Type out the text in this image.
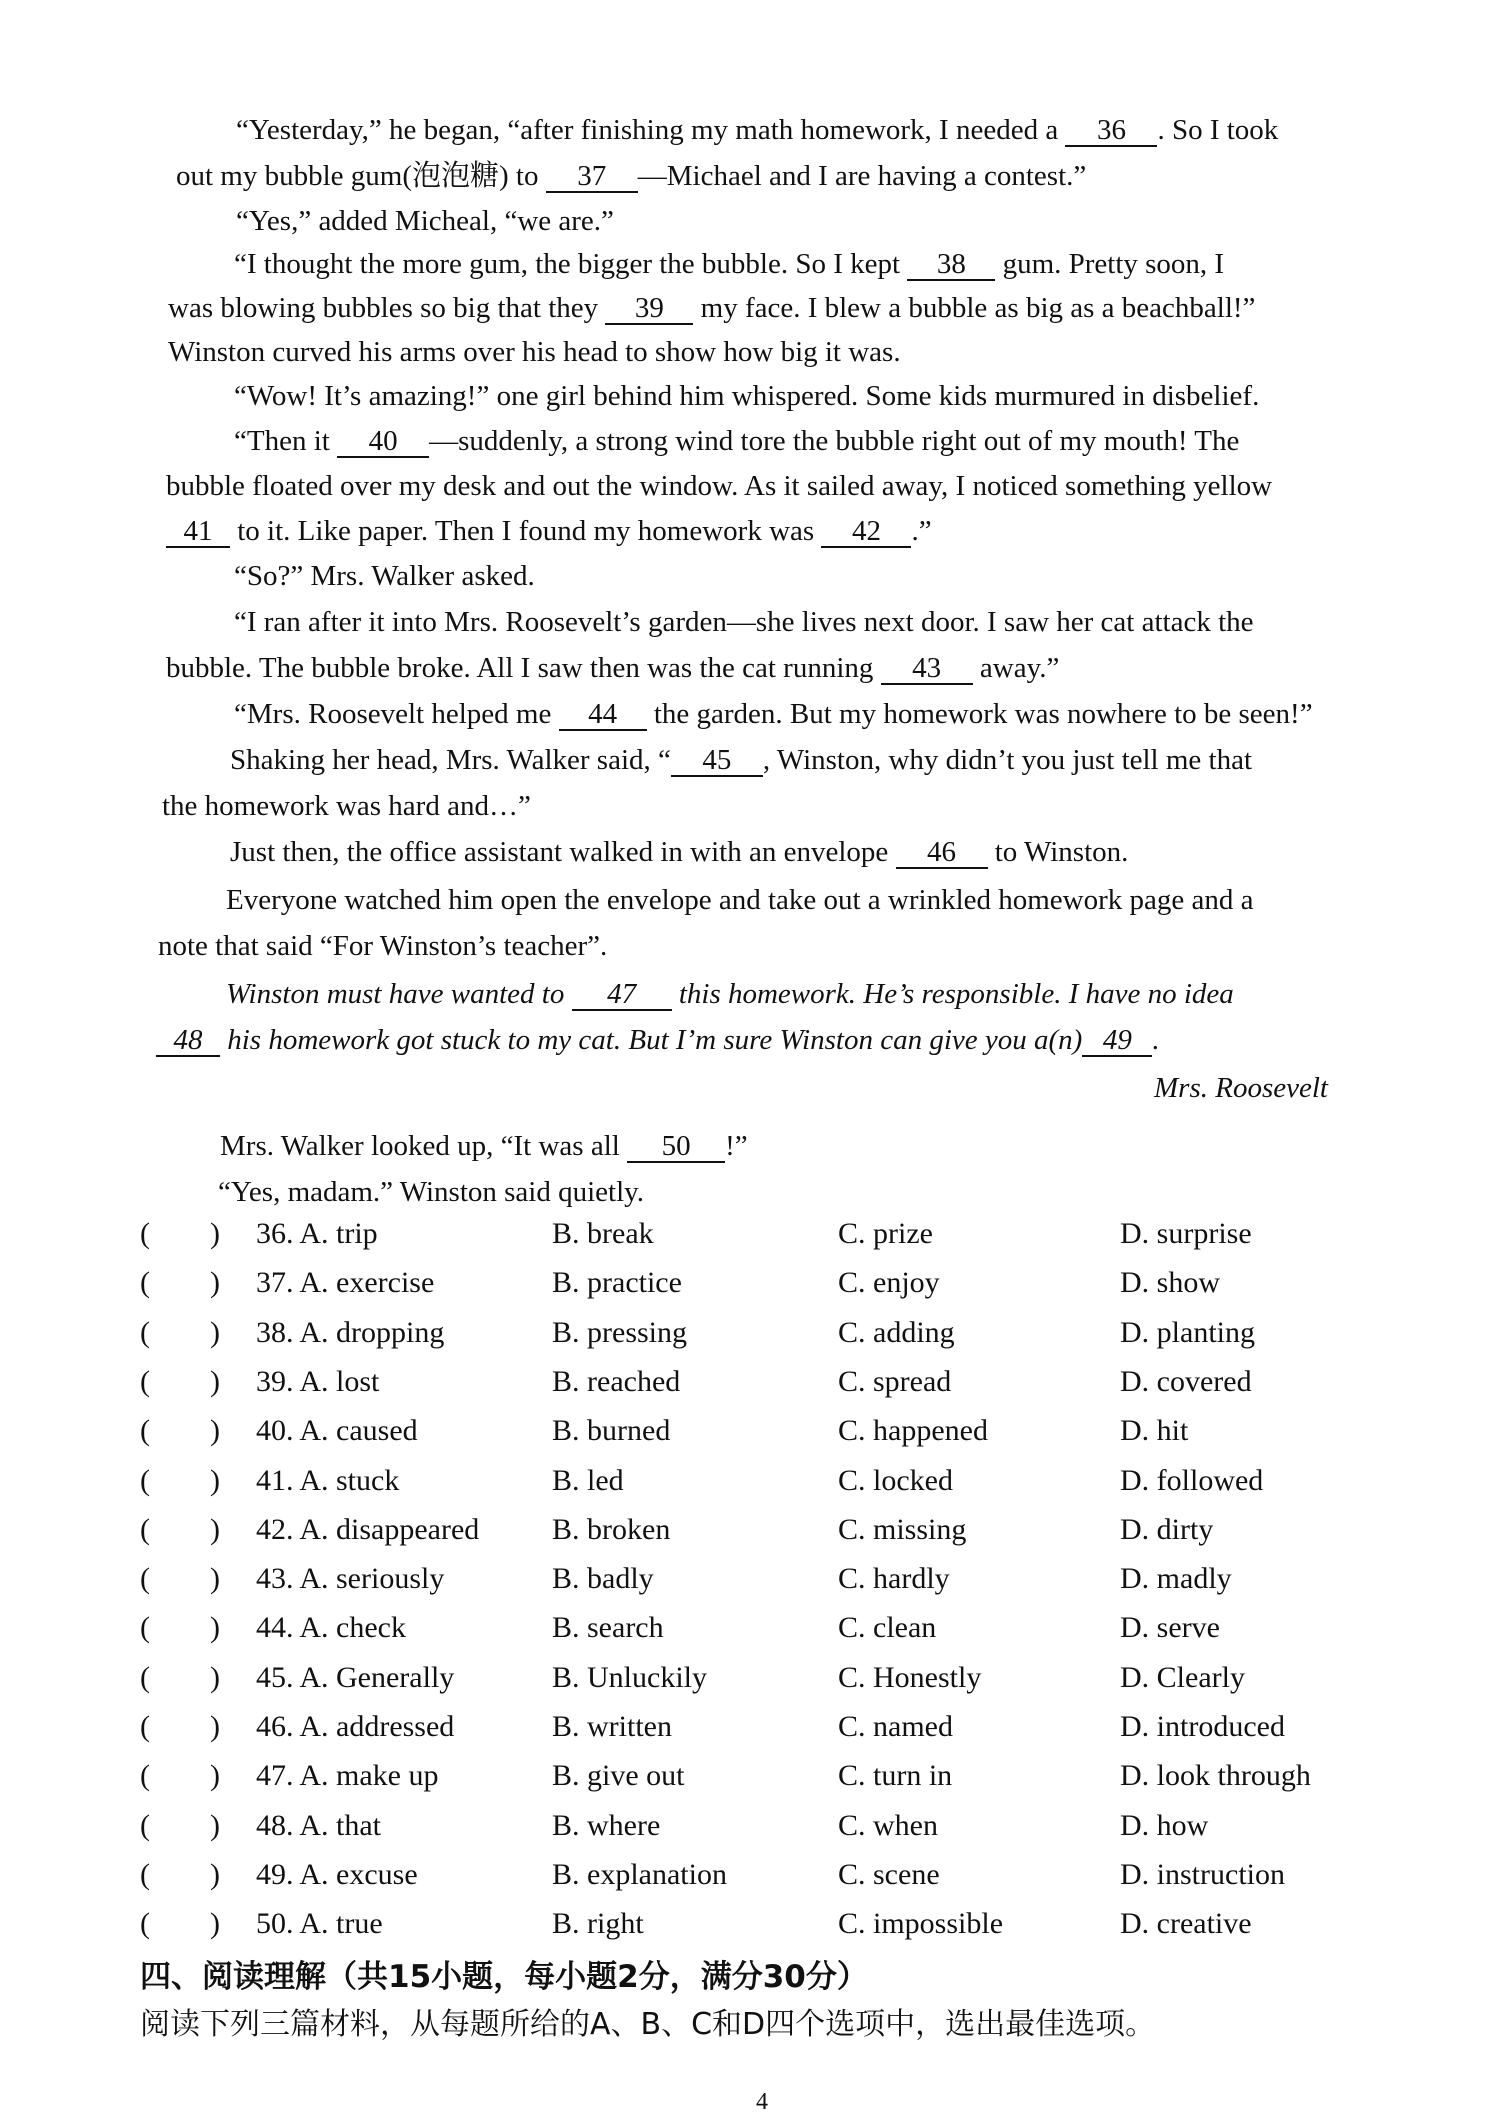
“Yesterday,” he began, “after finishing my math homework, I needed a 36 . So I took
out my bubble gum(泡泡糖) to 37 —Michael and I are having a contest.”
“Yes,” added Micheal, “we are.”
“I thought the more gum, the bigger the bubble. So I kept 38 gum. Pretty soon, I
was blowing bubbles so big that they 39 my face. I blew a bubble as big as a beachball!”
Winston curved his arms over his head to show how big it was.
“Wow! It’s amazing!” one girl behind him whispered. Some kids murmured in disbelief.
“Then it 40 —suddenly, a strong wind tore the bubble right out of my mouth! The
bubble floated over my desk and out the window. As it sailed away, I noticed something yellow
41 to it. Like paper. Then I found my homework was 42 .”
“So?” Mrs. Walker asked.
“I ran after it into Mrs. Roosevelt’s garden—she lives next door. I saw her cat attack the
bubble. The bubble broke. All I saw then was the cat running 43 away.”
“Mrs. Roosevelt helped me 44 the garden. But my homework was nowhere to be seen!”
Shaking her head, Mrs. Walker said, “ 45 , Winston, why didn’t you just tell me that
the homework was hard and…”
Just then, the office assistant walked in with an envelope 46 to Winston.
Everyone watched him open the envelope and take out a wrinkled homework page and a
note that said “For Winston’s teacher”.
Winston must have wanted to 47 this homework. He’s responsible. I have no idea
48 his homework got stuck to my cat. But I’m sure Winston can give you a(n) 49 .
Mrs. Roosevelt
Mrs. Walker looked up, “It was all 50 !”
“Yes, madam.” Winston said quietly.
(　　) 36. A. trip	B. break	C. prize	D. surprise
(　　) 37. A. exercise	B. practice	C. enjoy	D. show
(　　) 38. A. dropping	B. pressing	C. adding	D. planting
(　　) 39. A. lost	B. reached	C. spread	D. covered
(　　) 40. A. caused	B. burned	C. happened	D. hit
(　　) 41. A. stuck	B. led	C. locked	D. followed
(　　) 42. A. disappeared B. broken	C. missing	D. dirty
(　　) 43. A. seriously	B. badly	C. hardly	D. madly
(　　) 44. A. check	B. search	C. clean	D. serve
(　　) 45. A. Generally	B. Unluckily	C. Honestly	D. Clearly
(　　) 46. A. addressed	B. written	C. named	D. introduced
(　　) 47. A. make up	B. give out	C. turn in	D. look through
(　　) 48. A. that	B. where	C. when	D. how
(　　) 49. A. excuse	B. explanation	C. scene	D. instruction
(　　) 50. A. true	B. right	C. impossible	D. creative
四、阅读理解（共15小题，每小题2分，满分30分）
阅读下列三篇材料，从每题所给的A、B、C和D四个选项中，选出最佳选项。
4
